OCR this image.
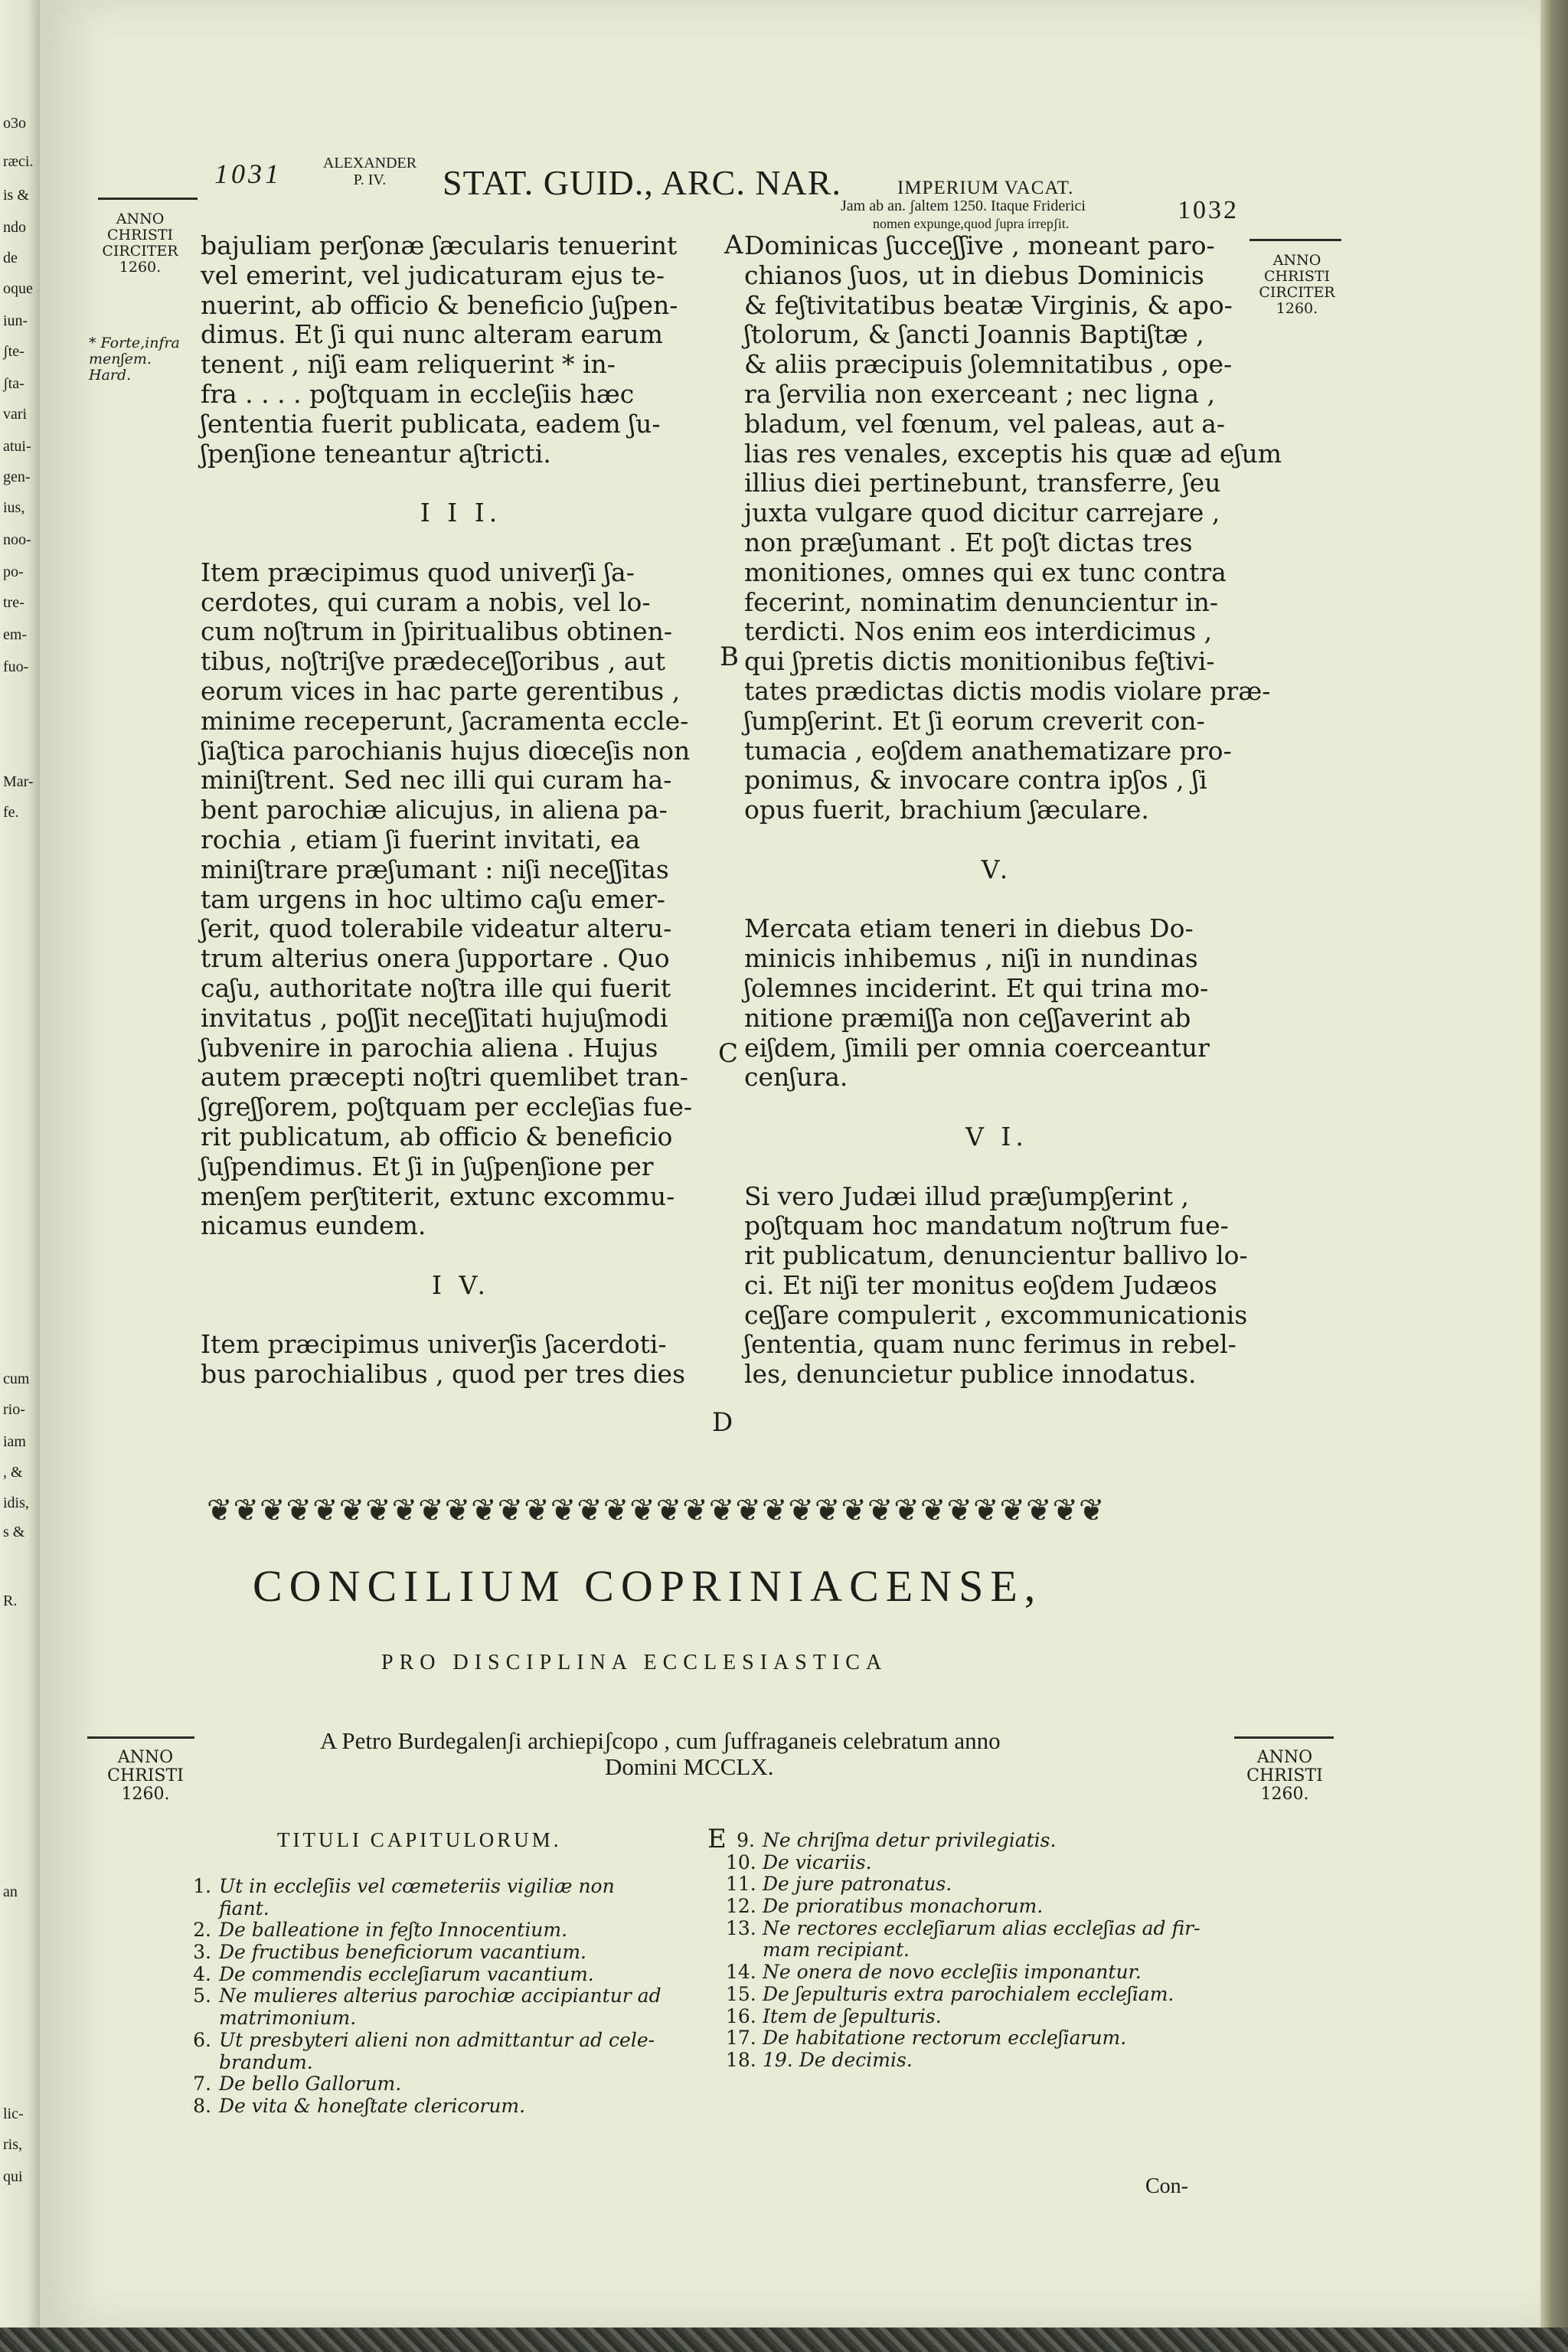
1031	ALEXANDER
P. IV.	STAT. GUID., ARC. NAR.	IMPERIUM VACAT.
Jam ab an. ʃaltem 1250. Itaque Friderici
nomen expunge,quod ʃupra irrepʃit.	1032
ANNO
CHRISTI
CIRCITER
1260.
* Forte,infra
menʃem.
Hard.
ANNO
CHRISTI
CIRCITER
1260.
A
B
C
D
E
bajuliam perʃonæ ʃæcularis tenuerint
vel emerint, vel judicaturam ejus te-
nuerint, ab officio & beneficio ʃuʃpen-
dimus. Et ʃi qui nunc alteram earum
tenent , niʃi eam reliquerint * in-
fra . . . . poʃtquam in eccleʃiis hæc
ʃententia fuerit publicata, eadem ʃu-
ʃpenʃione teneantur aʃtricti.
I I I.
Item præcipimus quod univerʃi ʃa-
cerdotes, qui curam a nobis, vel lo-
cum noʃtrum in ʃpiritualibus obtinen-
tibus, noʃtriʃve prædeceʃʃoribus , aut
eorum vices in hac parte gerentibus ,
minime receperunt, ʃacramenta eccle-
ʃiaʃtica parochianis hujus diœceʃis non
miniʃtrent. Sed nec illi qui curam ha-
bent parochiæ alicujus, in aliena pa-
rochia , etiam ʃi fuerint invitati, ea
miniʃtrare præʃumant : niʃi neceʃʃitas
tam urgens in hoc ultimo caʃu emer-
ʃerit, quod tolerabile videatur alteru-
trum alterius onera ʃupportare . Quo
caʃu, authoritate noʃtra ille qui fuerit
invitatus , poʃʃit neceʃʃitati hujuʃmodi
ʃubvenire in parochia aliena . Hujus
autem præcepti noʃtri quemlibet tran-
ʃgreʃʃorem, poʃtquam per eccleʃias fue-
rit publicatum, ab officio & beneficio
ʃuʃpendimus. Et ʃi in ʃuʃpenʃione per
menʃem perʃtiterit, extunc excommu-
nicamus eundem.
I V.
Item præcipimus univerʃis ʃacerdoti-
bus parochialibus , quod per tres dies
Dominicas ʃucceʃʃive , moneant paro-
chianos ʃuos, ut in diebus Dominicis
& feʃtivitatibus beatæ Virginis, & apo-
ʃtolorum, & ʃancti Joannis Baptiʃtæ ,
& aliis præcipuis ʃolemnitatibus , ope-
ra ʃervilia non exerceant ; nec ligna ,
bladum, vel fœnum, vel paleas, aut a-
lias res venales, exceptis his quæ ad eʃum
illius diei pertinebunt, transferre, ʃeu
juxta vulgare quod dicitur carrejare ,
non præʃumant . Et poʃt dictas tres
monitiones, omnes qui ex tunc contra
fecerint, nominatim denuncientur in-
terdicti. Nos enim eos interdicimus ,
qui ʃpretis dictis monitionibus feʃtivi-
tates prædictas dictis modis violare præ-
ʃumpʃerint. Et ʃi eorum creverit con-
tumacia , eoʃdem anathematizare pro-
ponimus, & invocare contra ipʃos , ʃi
opus fuerit, brachium ʃæculare.
V.
Mercata etiam teneri in diebus Do-
minicis inhibemus , niʃi in nundinas
ʃolemnes inciderint. Et qui trina mo-
nitione præmiʃʃa non ceʃʃaverint ab
eiʃdem, ʃimili per omnia coerceantur
cenʃura.
V I.
Si vero Judæi illud præʃumpʃerint ,
poʃtquam hoc mandatum noʃtrum fue-
rit publicatum, denuncientur ballivo lo-
ci. Et niʃi ter monitus eoʃdem Judæos
ceʃʃare compulerit , excommunicationis
ʃententia, quam nunc ferimus in rebel-
les, denuncietur publice innodatus.
❦❦❦❦❦❦❦❦❦❦❦❦❦❦❦❦❦❦❦❦❦❦❦❦❦❦❦❦❦❦❦❦❦❦
CONCILIUM COPRINIACENSE,
PRO DISCIPLINA ECCLESIASTICA
A Petro Burdegalenʃi archiepiʃcopo , cum ʃuffraganeis celebratum anno
Domini MCCLX.
ANNO
CHRISTI
1260.
ANNO
CHRISTI
1260.
TITULI CAPITULORUM.
1. Ut in eccleʃiis vel cœmeteriis vigiliæ non
fiant.
2. De balleatione in feʃto Innocentium.
3. De fructibus beneficiorum vacantium.
4. De commendis eccleʃiarum vacantium.
5. Ne mulieres alterius parochiæ accipiantur ad
matrimonium.
6. Ut presbyteri alieni non admittantur ad cele-
brandum.
7. De bello Gallorum.
8. De vita & honeʃtate clericorum.
9. Ne chriʃma detur privilegiatis.
10. De vicariis.
11. De jure patronatus.
12. De prioratibus monachorum.
13. Ne rectores eccleʃiarum alias eccleʃias ad fir-
mam recipiant.
14. Ne onera de novo eccleʃiis imponantur.
15. De ʃepulturis extra parochialem eccleʃiam.
16. Item de ʃepulturis.
17. De habitatione rectorum eccleʃiarum.
18. 19. De decimis.
Con-
o3o
ræci.
is &
ndo
de
oque
iun-
ʃte-
ʃta-
vari
atui-
gen-
ius,
noo-
po-
tre-
em-
fuo-
Mar-
fe.
cum
rio-
iam
, &
idis,
s &
R.
an
lic-
ris,
qui
